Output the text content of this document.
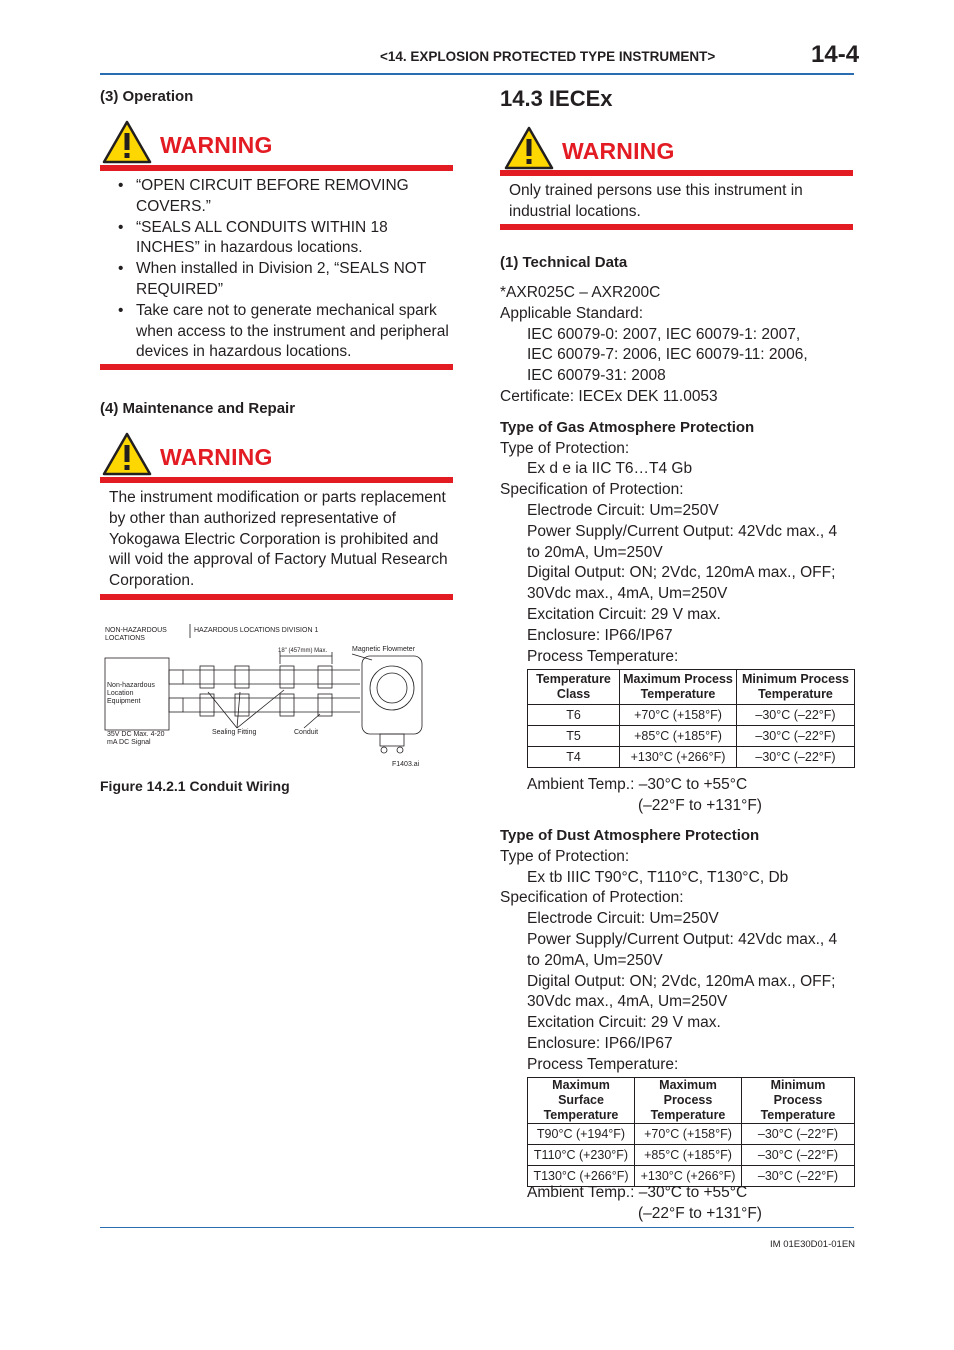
<14. EXPLOSION PROTECTED TYPE INSTRUMENT>	14-4
(3) Operation
WARNING
• “OPEN CIRCUIT BEFORE REMOVING COVERS.”
• “SEALS ALL CONDUITS WITHIN 18 INCHES” in hazardous locations.
• When installed in Division 2, “SEALS NOT REQUIRED”
• Take care not to generate mechanical spark when access to the instrument and peripheral devices in hazardous locations.
(4) Maintenance and Repair
WARNING
The instrument modification or parts replacement by other than authorized representative of Yokogawa Electric Corporation is prohibited and will void the approval of Factory Mutual Research Corporation.
NON-HAZARDOUS LOCATIONS
HAZARDOUS LOCATIONS DIVISION 1
18" (457mm) Max.	Magnetic Flowmeter
Non-hazardous Location Equipment
35V DC Max. 4-20 mA DC Signal
Sealing Fitting	Conduit
F1403.ai
Figure 14.2.1 Conduit Wiring
14.3 IECEx
WARNING
Only trained persons use this instrument in industrial locations.
(1) Technical Data
*AXR025C – AXR200C
Applicable Standard:
IEC 60079-0: 2007, IEC 60079-1: 2007,
IEC 60079-7: 2006, IEC 60079-11: 2006,
IEC 60079-31: 2008
Certificate: IECEx DEK 11.0053
Type of Gas Atmosphere Protection
Type of Protection:
Ex d e ia IIC T6…T4 Gb
Specification of Protection:
Electrode Circuit: Um=250V
Power Supply/Current Output: 42Vdc max., 4 to 20mA, Um=250V
Digital Output: ON; 2Vdc, 120mA max., OFF; 30Vdc max., 4mA, Um=250V
Excitation Circuit: 29 V max.
Enclosure: IP66/IP67
Process Temperature:
Temperature Class	Maximum Process Temperature	Minimum Process Temperature
T6	+70°C (+158°F)	–30°C (–22°F)
T5	+85°C (+185°F)	–30°C (–22°F)
T4	+130°C (+266°F)	–30°C (–22°F)
Ambient Temp.: –30°C to +55°C
(–22°F to +131°F)
Type of Dust Atmosphere Protection
Type of Protection:
Ex tb IIIC T90°C, T110°C, T130°C, Db
Specification of Protection:
Electrode Circuit: Um=250V
Power Supply/Current Output: 42Vdc max., 4 to 20mA, Um=250V
Digital Output: ON; 2Vdc, 120mA max., OFF; 30Vdc max., 4mA, Um=250V
Excitation Circuit: 29 V max.
Enclosure: IP66/IP67
Process Temperature:
Maximum Surface Temperature	Maximum Process Temperature	Minimum Process Temperature
T90°C (+194°F)	+70°C (+158°F)	–30°C (–22°F)
T110°C (+230°F)	+85°C (+185°F)	–30°C (–22°F)
T130°C (+266°F)	+130°C (+266°F)	–30°C (–22°F)
Ambient Temp.: –30°C to +55°C
(–22°F to +131°F)
IM 01E30D01-01EN
